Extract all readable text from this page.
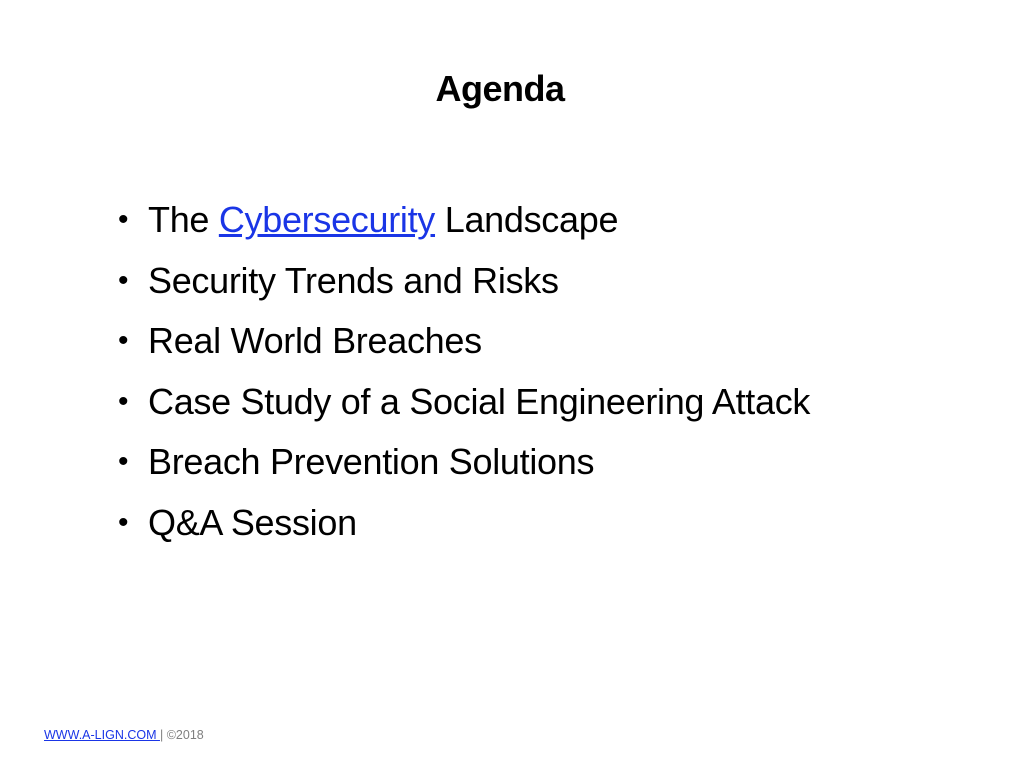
Agenda
• The Cybersecurity Landscape
• Security Trends and Risks
• Real World Breaches
• Case Study of a Social Engineering Attack
• Breach Prevention Solutions
• Q&A Session
WWW.A-LIGN.COM | ©2018
